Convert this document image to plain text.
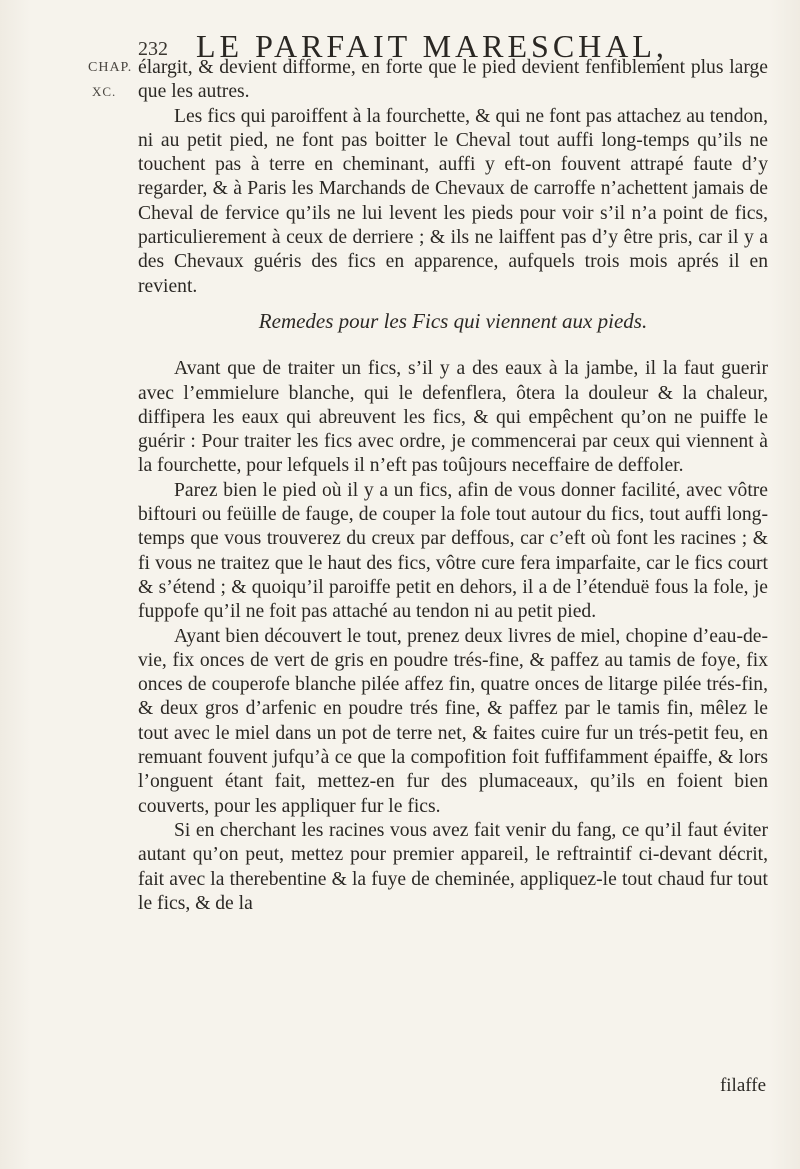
CHAP.
XC.
232 LE PARFAIT MARESCHAL,

élargit, & devient difforme, en forte que le pied devient fenfiblement plus large que les autres.

Les fics qui paroiffent à la fourchette, & qui ne font pas attachez au tendon, ni au petit pied, ne font pas boitter le Cheval tout auffi long-temps qu’ils ne touchent pas à terre en cheminant, auffi y eft-on fouvent attrapé faute d’y regarder, & à Paris les Marchands de Chevaux de carroffe n’achettent jamais de Cheval de fervice qu’ils ne lui levent les pieds pour voir s’il n’a point de fics, particulierement à ceux de derriere ; & ils ne laiffent pas d’y être pris, car il y a des Chevaux guéris des fics en apparence, aufquels trois mois aprés il en revient.

Remedes pour les Fics qui viennent aux pieds.

Avant que de traiter un fics, s’il y a des eaux à la jambe, il la faut guerir avec l’emmielure blanche, qui le defenflera, ôtera la douleur & la chaleur, diffipera les eaux qui abreuvent les fics, & qui empêchent qu’on ne puiffe le guérir : Pour traiter les fics avec ordre, je commencerai par ceux qui viennent à la fourchette, pour lefquels il n’eft pas toûjours neceffaire de deffoler.

Parez bien le pied où il y a un fics, afin de vous donner facilité, avec vôtre biftouri ou feüille de fauge, de couper la fole tout autour du fics, tout auffi long-temps que vous trouverez du creux par deffous, car c’eft où font les racines ; & fi vous ne traitez que le haut des fics, vôtre cure fera imparfaite, car le fics court & s’étend ; & quoiqu’il paroiffe petit en dehors, il a de l’étenduë fous la fole, je fuppofe qu’il ne foit pas attaché au tendon ni au petit pied.

Ayant bien découvert le tout, prenez deux livres de miel, chopine d’eau-de-vie, fix onces de vert de gris en poudre trés-fine, & paffez au tamis de foye, fix onces de couperofe blanche pilée affez fin, quatre onces de litarge pilée trés-fin, & deux gros d’arfenic en poudre trés fine, & paffez par le tamis fin, mêlez le tout avec le miel dans un pot de terre net, & faites cuire fur un trés-petit feu, en remuant fouvent jufqu’à ce que la compofition foit fuffifamment épaiffe, & lors l’onguent étant fait, mettez-en fur des plumaceaux, qu’ils en foient bien couverts, pour les appliquer fur le fics.

Si en cherchant les racines vous avez fait venir du fang, ce qu’il faut éviter autant qu’on peut, mettez pour premier appareil, le reftraintif ci-devant décrit, fait avec la therebentine & la fuye de cheminée, appliquez-le tout chaud fur tout le fics, & de la

filaffe
